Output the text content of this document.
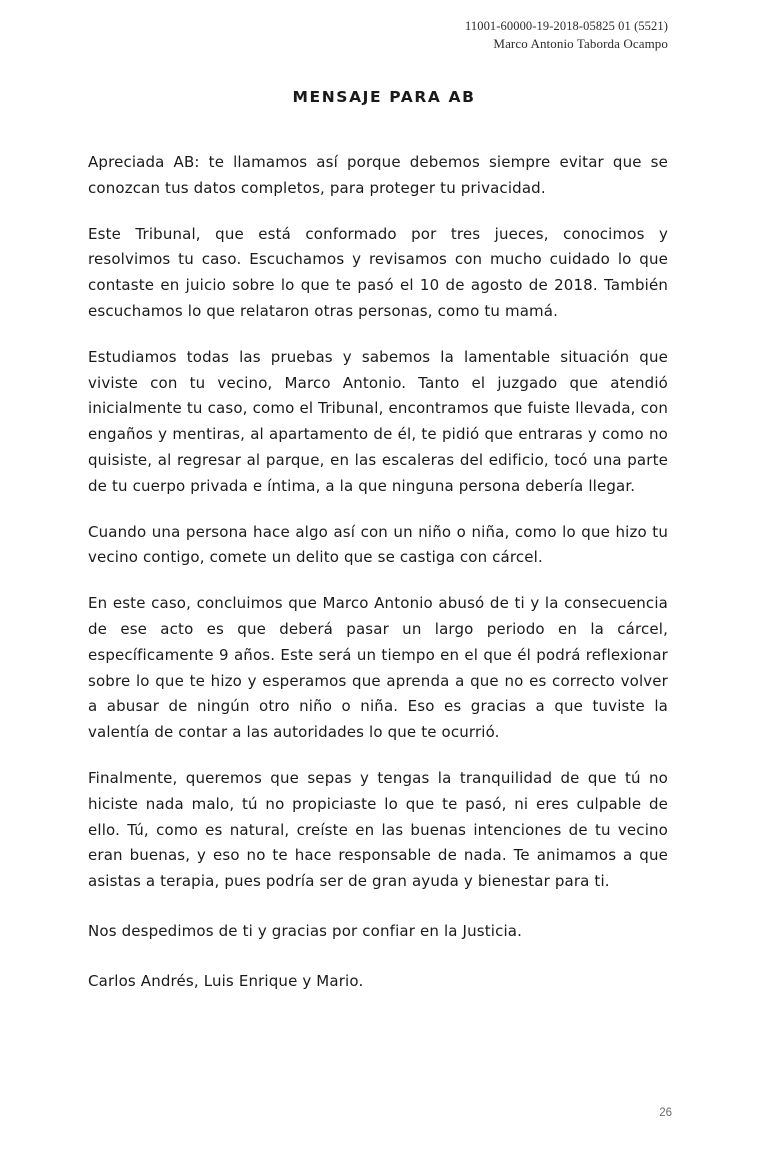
11001-60000-19-2018-05825 01 (5521)
Marco Antonio Taborda Ocampo
MENSAJE PARA AB

Apreciada AB: te llamamos así porque debemos siempre evitar que se conozcan tus datos completos, para proteger tu privacidad.

Este Tribunal, que está conformado por tres jueces, conocimos y resolvimos tu caso. Escuchamos y revisamos con mucho cuidado lo que contaste en juicio sobre lo que te pasó el 10 de agosto de 2018. También escuchamos lo que relataron otras personas, como tu mamá.

Estudiamos todas las pruebas y sabemos la lamentable situación que viviste con tu vecino, Marco Antonio. Tanto el juzgado que atendió inicialmente tu caso, como el Tribunal, encontramos que fuiste llevada, con engaños y mentiras, al apartamento de él, te pidió que entraras y como no quisiste, al regresar al parque, en las escaleras del edificio, tocó una parte de tu cuerpo privada e íntima, a la que ninguna persona debería llegar.

Cuando una persona hace algo así con un niño o niña, como lo que hizo tu vecino contigo, comete un delito que se castiga con cárcel.

En este caso, concluimos que Marco Antonio abusó de ti y la consecuencia de ese acto es que deberá pasar un largo periodo en la cárcel, específicamente 9 años. Este será un tiempo en el que él podrá reflexionar sobre lo que te hizo y esperamos que aprenda a que no es correcto volver a abusar de ningún otro niño o niña. Eso es gracias a que tuviste la valentía de contar a las autoridades lo que te ocurrió.

Finalmente, queremos que sepas y tengas la tranquilidad de que tú no hiciste nada malo, tú no propiciaste lo que te pasó, ni eres culpable de ello. Tú, como es natural, creíste en las buenas intenciones de tu vecino eran buenas, y eso no te hace responsable de nada. Te animamos a que asistas a terapia, pues podría ser de gran ayuda y bienestar para ti.

Nos despedimos de ti y gracias por confiar en la Justicia.

Carlos Andrés, Luis Enrique y Mario.

26
